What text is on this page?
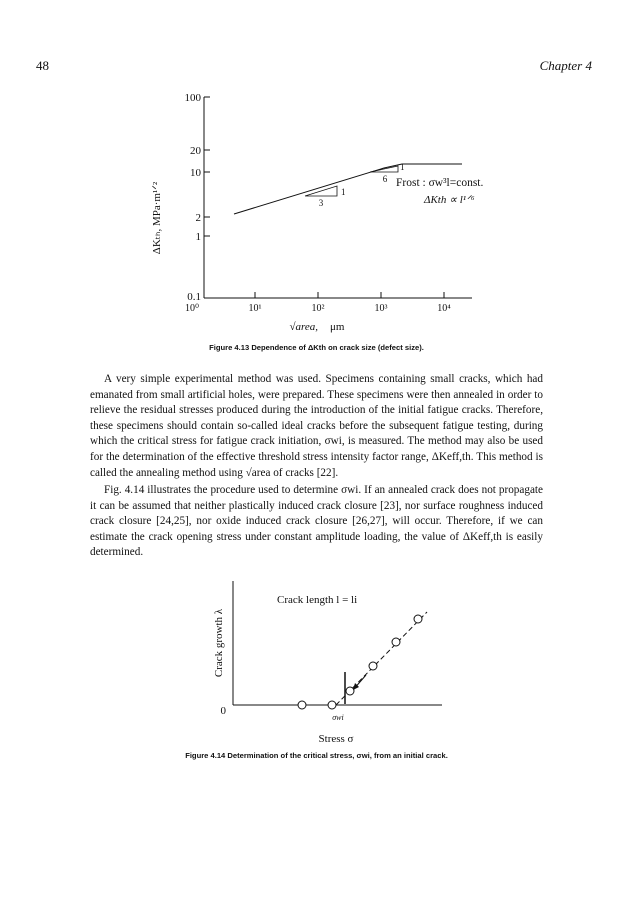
48	Chapter 4
100
20
10
2
1
0.1
10⁰	10¹	10²	10³	10⁴
ΔKₜₕ, MPa·m¹ᐟ²
√area, μm
1
3
1
6 Frost : σw³l=const.
ΔKth ∝ l¹ᐟ⁶
0
Crack growth λ
Stress σ
Crack length l = li
σwi
Figure 4.13 Dependence of ΔKth on crack size (defect size).

A very simple experimental method was used. Specimens containing small cracks, which had emanated from small artificial holes, were prepared. These specimens were then annealed in order to relieve the residual stresses produced during the introduction of the initial fatigue cracks. Therefore, these specimens should contain so-called ideal cracks before the subsequent fatigue testing, during which the critical stress for fatigue crack initiation, σwi, is measured. The method may also be used for the determination of the effective threshold stress intensity factor range, ΔKeff,th. This method is called the annealing method using √area of cracks [22].

Fig. 4.14 illustrates the procedure used to determine σwi. If an annealed crack does not propagate it can be assumed that neither plastically induced crack closure [23], nor surface roughness induced crack closure [24,25], nor oxide induced crack closure [26,27], will occur. Therefore, if we can estimate the crack opening stress under constant amplitude loading, the value of ΔKeff,th is easily determined.

Figure 4.14 Determination of the critical stress, σwi, from an initial crack.
